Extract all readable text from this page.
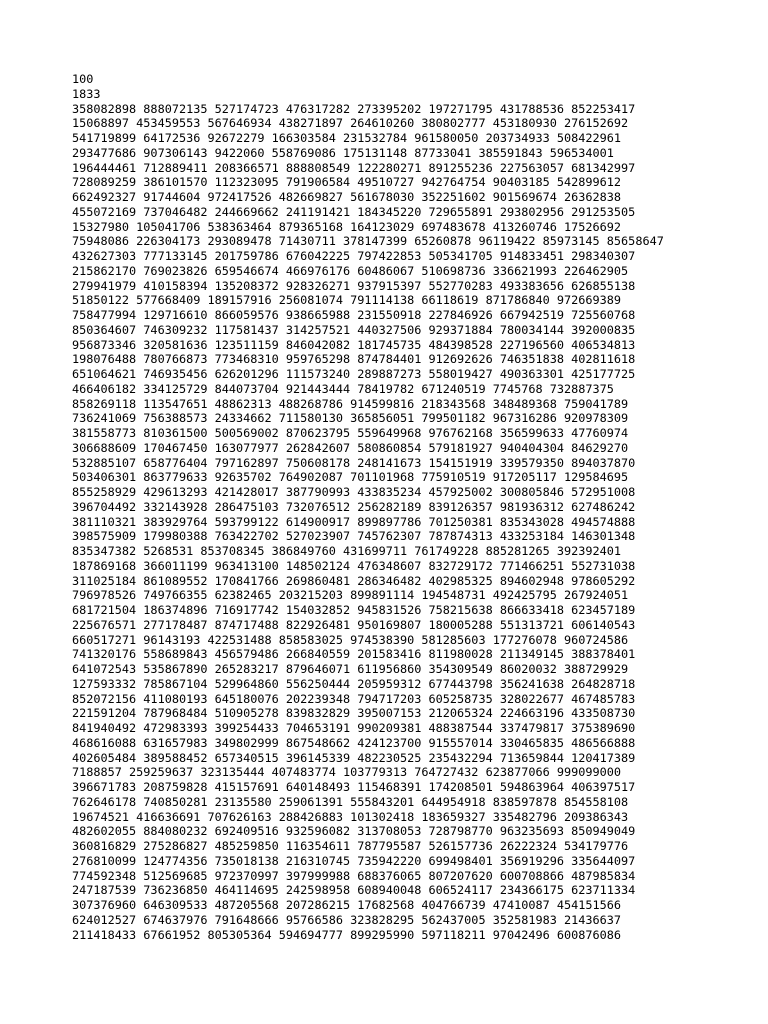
100
1833
358082898 888072135 527174723 476317282 273395202 197271795 431788536 852253417
15068897 453459553 567646934 438271897 264610260 380802777 453180930 276152692
541719899 64172536 92672279 166303584 231532784 961580050 203734933 508422961
293477686 907306143 9422060 558769086 175131148 87733041 385591843 596534001
196444461 712889411 208366571 888808549 122280271 891255236 227563057 681342997
728089259 386101570 112323095 791906584 49510727 942764754 90403185 542899612
662492327 91744604 972417526 482669827 561678030 352251602 901569674 26362838
455072169 737046482 244669662 241191421 184345220 729655891 293802956 291253505
15327980 105041706 538363464 879365168 164123029 697483678 413260746 17526692
75948086 226304173 293089478 71430711 378147399 65260878 96119422 85973145 85658647
432627303 777133145 201759786 676042225 797422853 505341705 914833451 298340307
215862170 769023826 659546674 466976176 60486067 510698736 336621993 226462905
279941979 410158394 135208372 928326271 937915397 552770283 493383656 626855138
51850122 577668409 189157916 256081074 791114138 66118619 871786840 972669389
758477994 129716610 866059576 938665988 231550918 227846926 667942519 725560768
850364607 746309232 117581437 314257521 440327506 929371884 780034144 392000835
956873346 320581636 123511159 846042082 181745735 484398528 227196560 406534813
198076488 780766873 773468310 959765298 874784401 912692626 746351838 402811618
651064621 746935456 626201296 111573240 289887273 558019427 490363301 425177725
466406182 334125729 844073704 921443444 78419782 671240519 7745768 732887375
858269118 113547651 48862313 488268786 914599816 218343568 348489368 759041789
736241069 756388573 24334662 711580130 365856051 799501182 967316286 920978309
381558773 810361500 500569002 870623795 559649968 976762168 356599633 47760974
306688609 170467450 163077977 262842607 580860854 579181927 940404304 84629270
532885107 658776404 797162897 750608178 248141673 154151919 339579350 894037870
503406301 863779633 92635702 764902087 701101968 775910519 917205117 129584695
855258929 429613293 421428017 387790993 433835234 457925002 300805846 572951008
396704492 332143928 286475103 732076512 256282189 839126357 981936312 627486242
381110321 383929764 593799122 614900917 899897786 701250381 835343028 494574888
398575909 179980388 763422702 527023907 745762307 787874313 433253184 146301348
835347382 5268531 853708345 386849760 431699711 761749228 885281265 392392401
187869168 366011199 963413100 148502124 476348607 832729172 771466251 552731038
311025184 861089552 170841766 269860481 286346482 402985325 894602948 978605292
796978526 749766355 62382465 203215203 899891114 194548731 492425795 267924051
681721504 186374896 716917742 154032852 945831526 758215638 866633418 623457189
225676571 277178487 874717488 822926481 950169807 180005288 551313721 606140543
660517271 96143193 422531488 858583025 974538390 581285603 177276078 960724586
741320176 558689843 456579486 266840559 201583416 811980028 211349145 388378401
641072543 535867890 265283217 879646071 611956860 354309549 86020032 388729929
127593332 785867104 529964860 556250444 205959312 677443798 356241638 264828718
852072156 411080193 645180076 202239348 794717203 605258735 328022677 467485783
221591204 787968484 510905278 839832829 395007153 212065324 224663196 433508730
841940492 472983393 399254433 704653191 990209381 488387544 337479817 375389690
468616088 631657983 349802999 867548662 424123700 915557014 330465835 486566888
402605484 389588452 657340515 396145339 482230525 235432294 713659844 120417389
7188857 259259637 323135444 407483774 103779313 764727432 623877066 999099000
396671783 208759828 415157691 640148493 115468391 174208501 594863964 406397517
762646178 740850281 23135580 259061391 555843201 644954918 838597878 854558108
19674521 416636691 707626163 288426883 101302418 183659327 335482796 209386343
482602055 884080232 692409516 932596082 313708053 728798770 963235693 850949049
360816829 275286827 485259850 116354611 787795587 526157736 26222324 534179776
276810099 124774356 735018138 216310745 735942220 699498401 356919296 335644097
774592348 512569685 972370997 397999988 688376065 807207620 600708866 487985834
247187539 736236850 464114695 242598958 608940048 606524117 234366175 623711334
307376960 646309533 487205568 207286215 17682568 404766739 47410087 454151566
624012527 674637976 791648666 95766586 323828295 562437005 352581983 21436637
211418433 67661952 805305364 594694777 899295990 597118211 97042496 600876086
